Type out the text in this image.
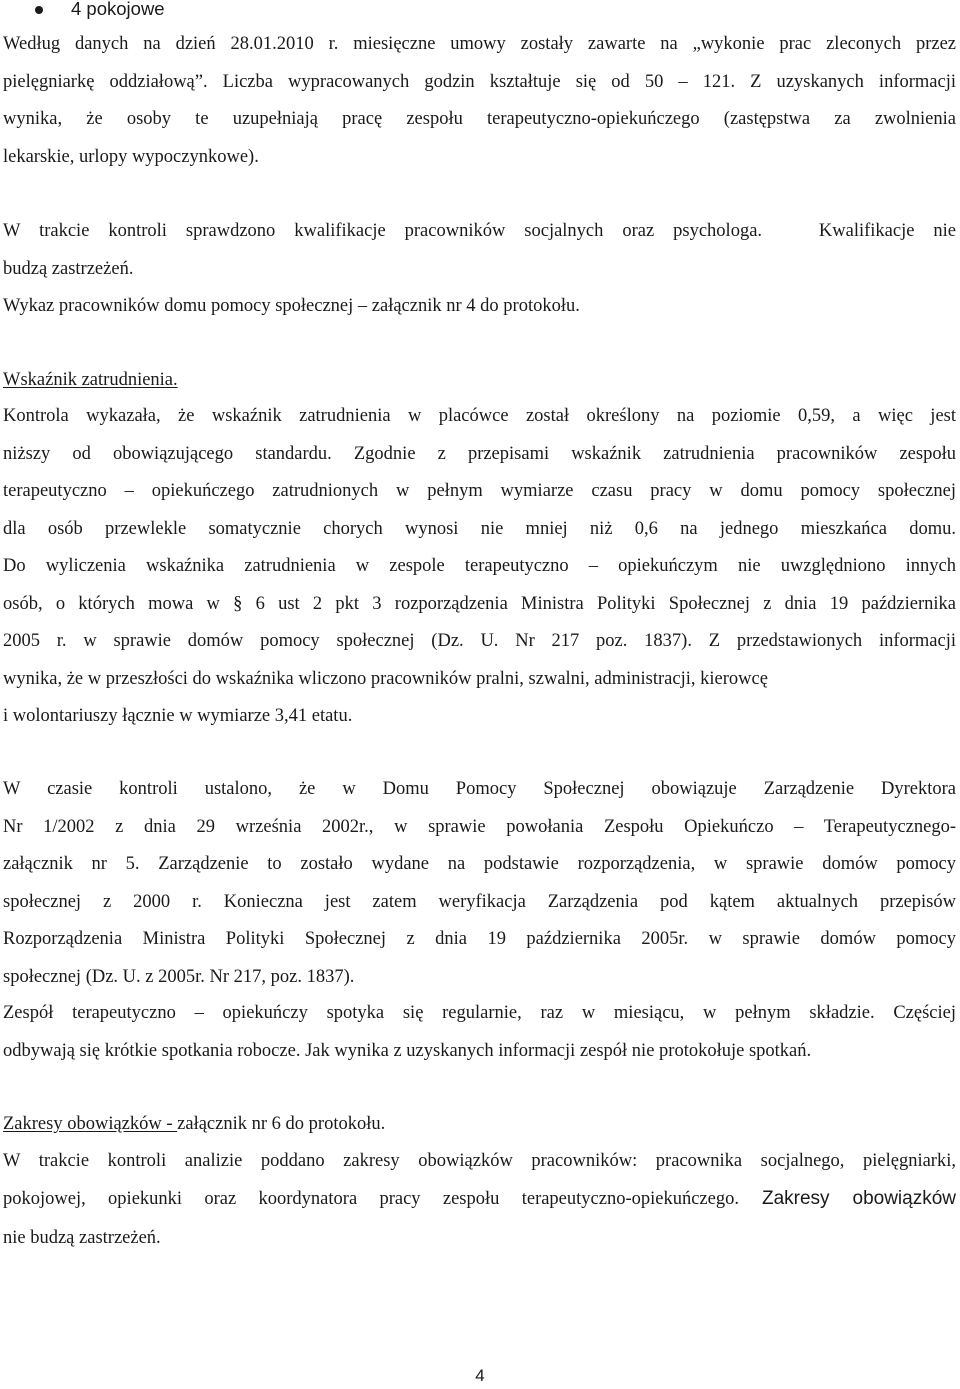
4 pokojowe
Według danych na dzień 28.01.2010 r. miesięczne umowy zostały zawarte na „wykonie prac zleconych przez
pielęgniarkę oddziałową”. Liczba wypracowanych godzin kształtuje się od 50 – 121. Z uzyskanych informacji
wynika, że osoby te uzupełniają pracę zespołu terapeutyczno-opiekuńczego (zastępstwa za zwolnienia
lekarskie, urlopy wypoczynkowe).
W trakcie kontroli sprawdzono kwalifikacje pracowników socjalnych oraz psychologa.   Kwalifikacje nie
budzą zastrzeżeń.
Wykaz pracowników domu pomocy społecznej – załącznik nr 4 do protokołu.
Wskaźnik zatrudnienia.
Kontrola wykazała, że wskaźnik zatrudnienia w placówce został określony na poziomie 0,59, a więc jest
niższy od obowiązującego standardu. Zgodnie z przepisami wskaźnik zatrudnienia pracowników zespołu
terapeutyczno – opiekuńczego zatrudnionych w pełnym wymiarze czasu pracy w domu pomocy społecznej
dla osób przewlekle somatycznie chorych wynosi nie mniej niż 0,6 na jednego mieszkańca domu.
Do wyliczenia wskaźnika zatrudnienia w zespole terapeutyczno – opiekuńczym nie uwzględniono innych
osób, o których mowa w § 6 ust 2 pkt 3 rozporządzenia Ministra Polityki Społecznej z dnia 19 października
2005 r. w sprawie domów pomocy społecznej (Dz. U. Nr 217 poz. 1837). Z przedstawionych informacji
wynika, że w przeszłości do wskaźnika wliczono pracowników pralni, szwalni, administracji, kierowcę
i wolontariuszy łącznie w wymiarze 3,41 etatu.
W czasie kontroli ustalono, że w Domu Pomocy Społecznej obowiązuje Zarządzenie Dyrektora
Nr 1/2002 z dnia 29 września 2002r., w sprawie powołania Zespołu Opiekuńczo – Terapeutycznego-
załącznik nr 5. Zarządzenie to zostało wydane na podstawie rozporządzenia, w sprawie domów pomocy
społecznej z 2000 r. Konieczna jest zatem weryfikacja Zarządzenia pod kątem aktualnych przepisów
Rozporządzenia Ministra Polityki Społecznej z dnia 19 października 2005r. w sprawie domów pomocy
społecznej (Dz. U. z 2005r. Nr 217, poz. 1837).
Zespół terapeutyczno – opiekuńczy spotyka się regularnie, raz w miesiącu, w pełnym składzie. Częściej
odbywają się krótkie spotkania robocze. Jak wynika z uzyskanych informacji zespół nie protokołuje spotkań.
Zakresy obowiązków - załącznik nr 6 do protokołu.
W trakcie kontroli analizie poddano zakresy obowiązków pracowników: pracownika socjalnego, pielęgniarki,
pokojowej, opiekunki oraz koordynatora pracy zespołu terapeutyczno-opiekuńczego. Zakresy obowiązków
nie budzą zastrzeżeń.
4
